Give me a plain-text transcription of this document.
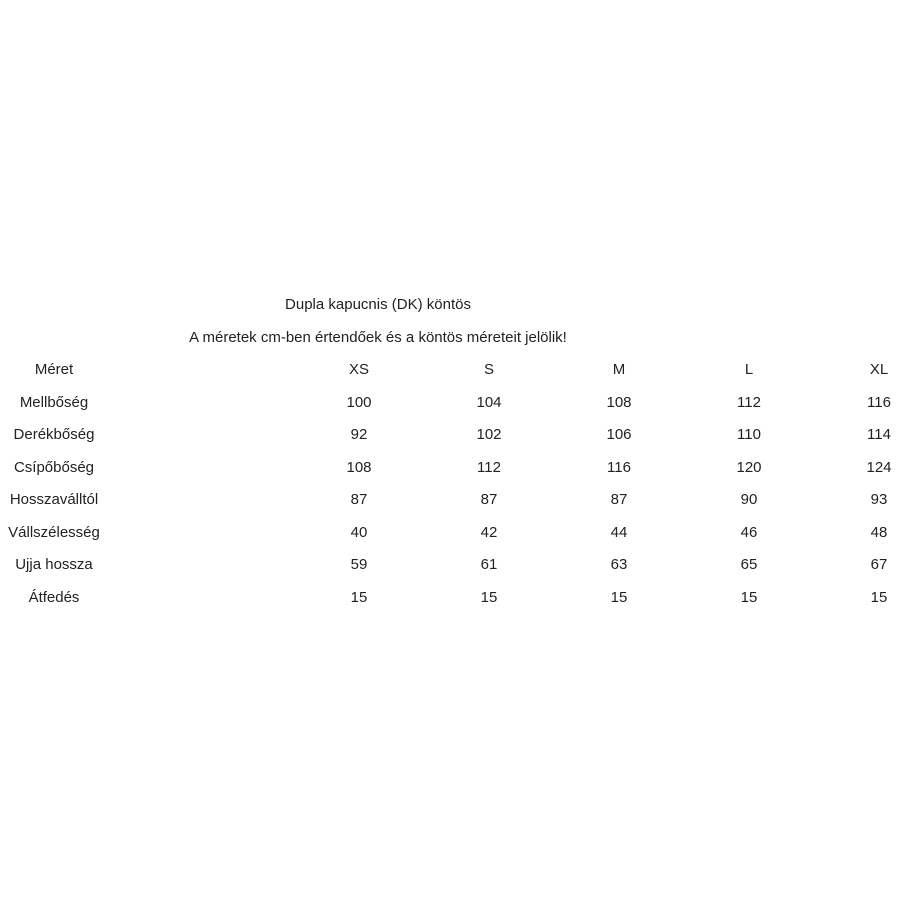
Dupla kapucnis (DK) köntös
A méretek cm-ben értendőek és a köntös méreteit jelölik!
Méret	XS	S	M	L	XL
Mellbőség	100	104	108	112	116
Derékbőség	92	102	106	110	114
Csípőbőség	108	112	116	120	124
Hosszaválltól	87	87	87	90	93
Vállszélesség	40	42	44	46	48
Ujja hossza	59	61	63	65	67
Átfedés	15	15	15	15	15
